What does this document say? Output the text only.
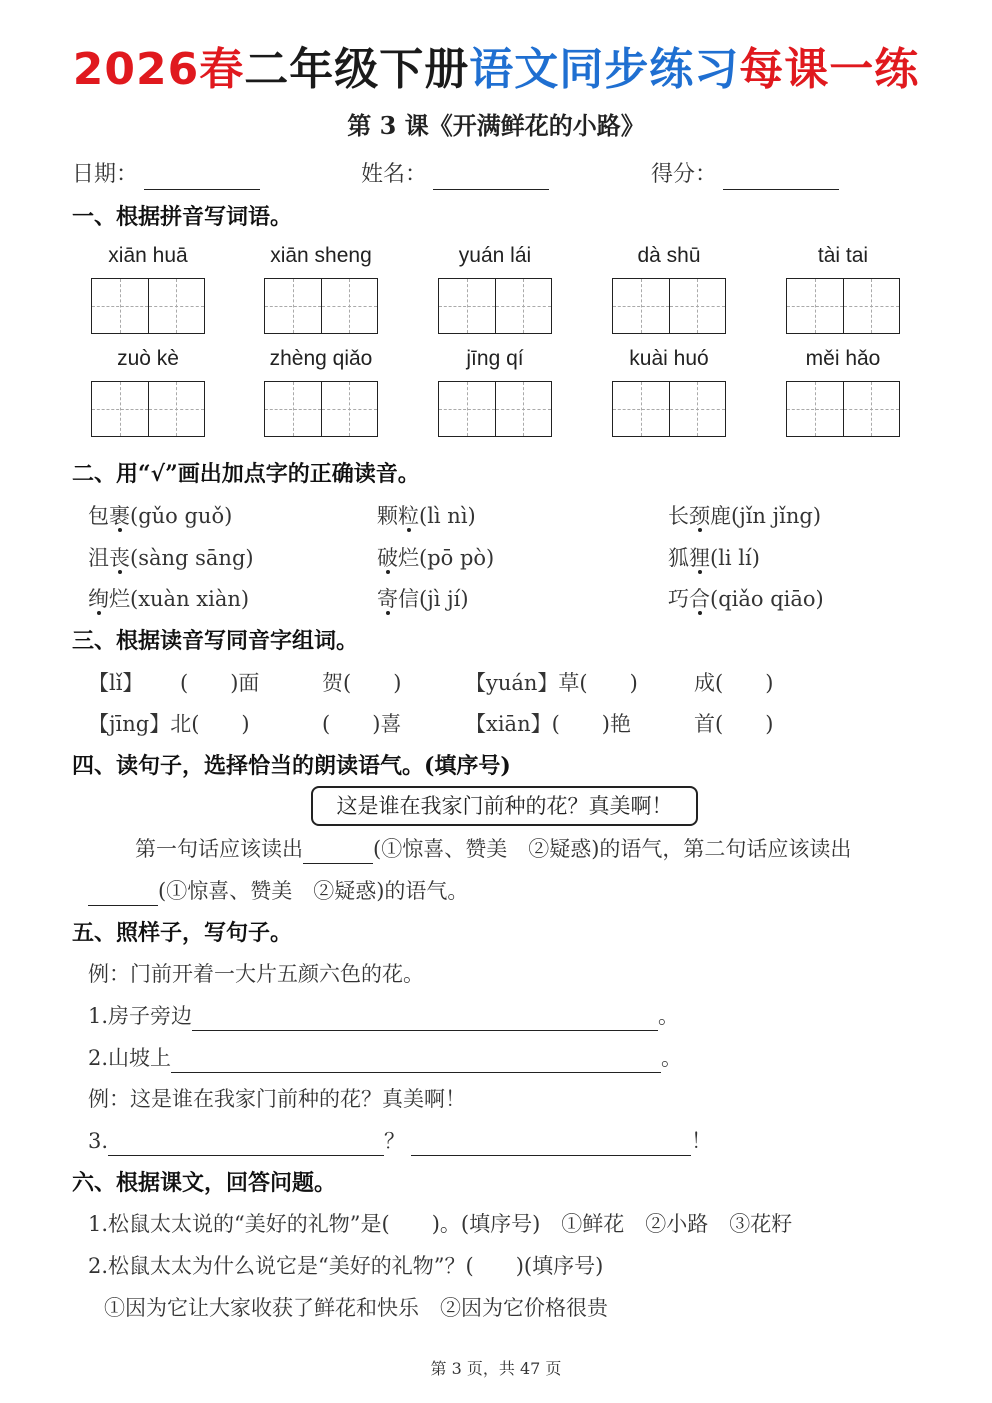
2026春二年级下册语文同步练习每课一练
第 3 课《开满鲜花的小路》
日期：	姓名：	得分：
一、根据拼音写词语。
xiān huā	xiān sheng	yuán lái	dà shū	tài tai
zuò kè	zhèng qiǎo	jīng qí	kuài huó	měi hǎo
二、用“√”画出加点字的正确读音。
包裹(gǔo guǒ)	颗粒(lì nì)	长颈鹿(jǐn jǐng)
沮丧(sàng sāng)	破烂(pō pò)	狐狸(li lí)
绚烂(xuàn xiàn)	寄信(jì jí)	巧合(qiǎo qiāo)
三、根据读音写同音字组词。
【lǐ】 (　　)面	贺(　　)	【yuán】草(　　)	成(　　)
【jīng】北(　　)	(　　)喜	【xiān】(　　)艳	首(　　)
四、读句子，选择恰当的朗读语气。(填序号)
这是谁在我家门前种的花？真美啊！
第一句话应该读出	(①惊喜、赞美　②疑惑)的语气，第二句话应该读出
(①惊喜、赞美　②疑惑)的语气。
五、照样子，写句子。
例：门前开着一大片五颜六色的花。
1.房子旁边	。
2.山坡上	。
例：这是谁在我家门前种的花？真美啊！
3.	？	！
六、根据课文，回答问题。
1.松鼠太太说的“美好的礼物”是(　　)。(填序号)　①鲜花　②小路　③花籽
2.松鼠太太为什么说它是“美好的礼物”？(　　)(填序号)
①因为它让大家收获了鲜花和快乐　②因为它价格很贵
第 3 页，共 47 页
